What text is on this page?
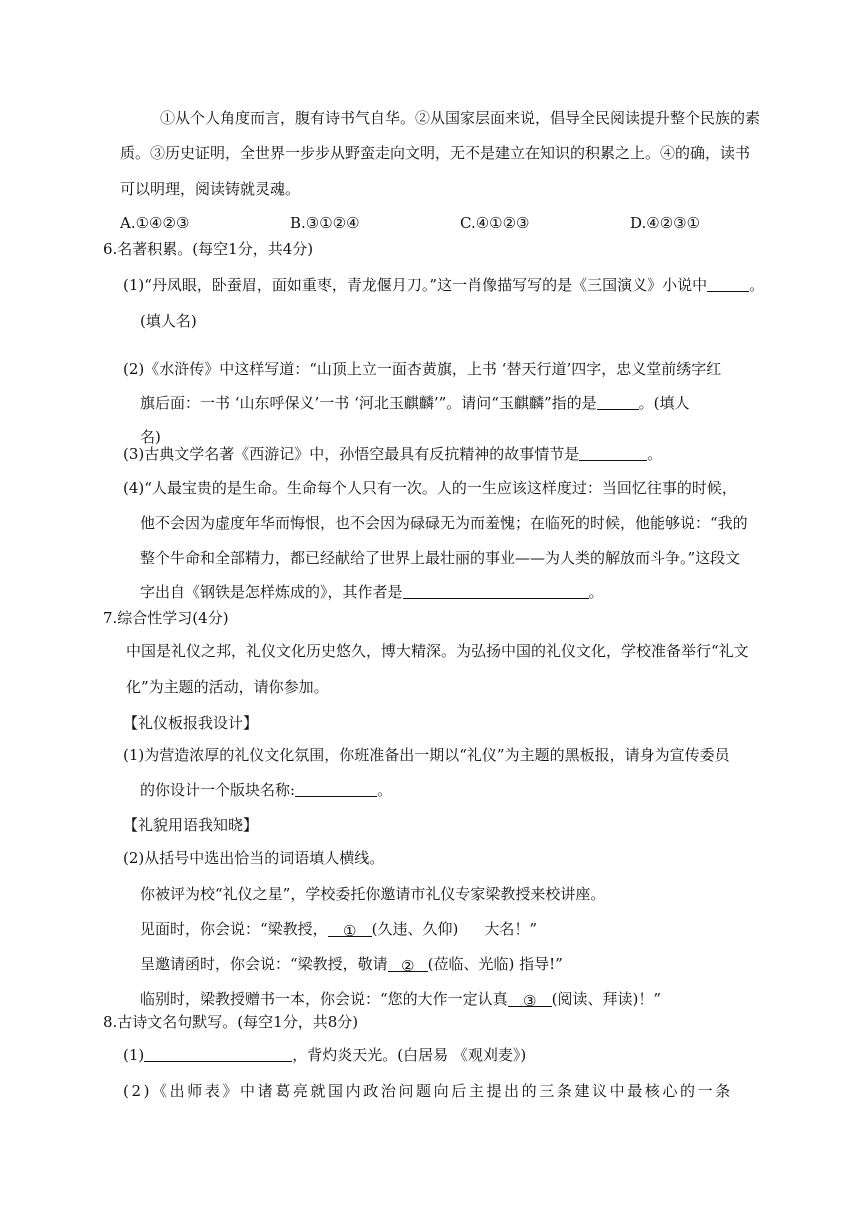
①从个人角度而言，腹有诗书气自华。②从国家层面来说，倡导全民阅读提升整个民族的素
质。③历史证明，全世界一步步从野蛮走向文明，无不是建立在知识的积累之上。④的确，读书
可以明理，阅读铸就灵魂。
A.①④②③	B.③①②④	C.④①②③	D.④②③①
6.名著积累。(每空1分，共4分)
(1)“丹凤眼，卧蚕眉，面如重枣，青龙偃月刀。”这一肖像描写写的是《三国演义》小说中	。
(填人名)
(2)《水浒传》中这样写道：“山顶上立一面杏黄旗，上书 ‘替天行道’四字，忠义堂前绣字红
旗后面：一书 ‘山东呼保义’一书 ‘河北玉麒麟’”。请问“玉麒麟”指的是	。(填人
名)
(3)古典文学名著《西游记》中，孙悟空最具有反抗精神的故事情节是	。
(4)“人最宝贵的是生命。生命每个人只有一次。人的一生应该这样度过：当回忆往事的时候，
他不会因为虚度年华而悔恨，也不会因为碌碌无为而羞愧；在临死的时候，他能够说：“我的
整个牛命和全部精力，都已经献给了世界上最壮丽的事业——为人类的解放而斗争。”这段文
字出自《钢铁是怎样炼成的》，其作者是	。
7.综合性学习(4分)
中国是礼仪之邦，礼仪文化历史悠久，博大精深。为弘扬中国的礼仪文化，学校准备举行“礼文
化”为主题的活动，请你参加。
【礼仪板报我设计】
(1)为营造浓厚的礼仪文化氛围，你班准备出一期以“礼仪”为主题的黑板报，请身为宣传委员
的你设计一个版块名称:	。
【礼貌用语我知晓】
(2)从括号中选出恰当的词语填人横线。
你被评为校“礼仪之星”，学校委托你邀请市礼仪专家梁教授来校讲座。
见面时，你会说：“梁教授， ① (久违、久仰) 大名！”
呈邀请函时，你会说：“梁教授，敬请 ② (莅临、光临) 指导!”
临别时，梁教授赠书一本，你会说：“您的大作一定认真 ③ (阅读、拜读)！”
8.古诗文名句默写。(每空1分，共8分)
(1)	，背灼炎天光。(白居易 《观刈麦》)
(2)《出师表》中诸葛亮就国内政治问题向后主提出的三条建议中最核心的一条
